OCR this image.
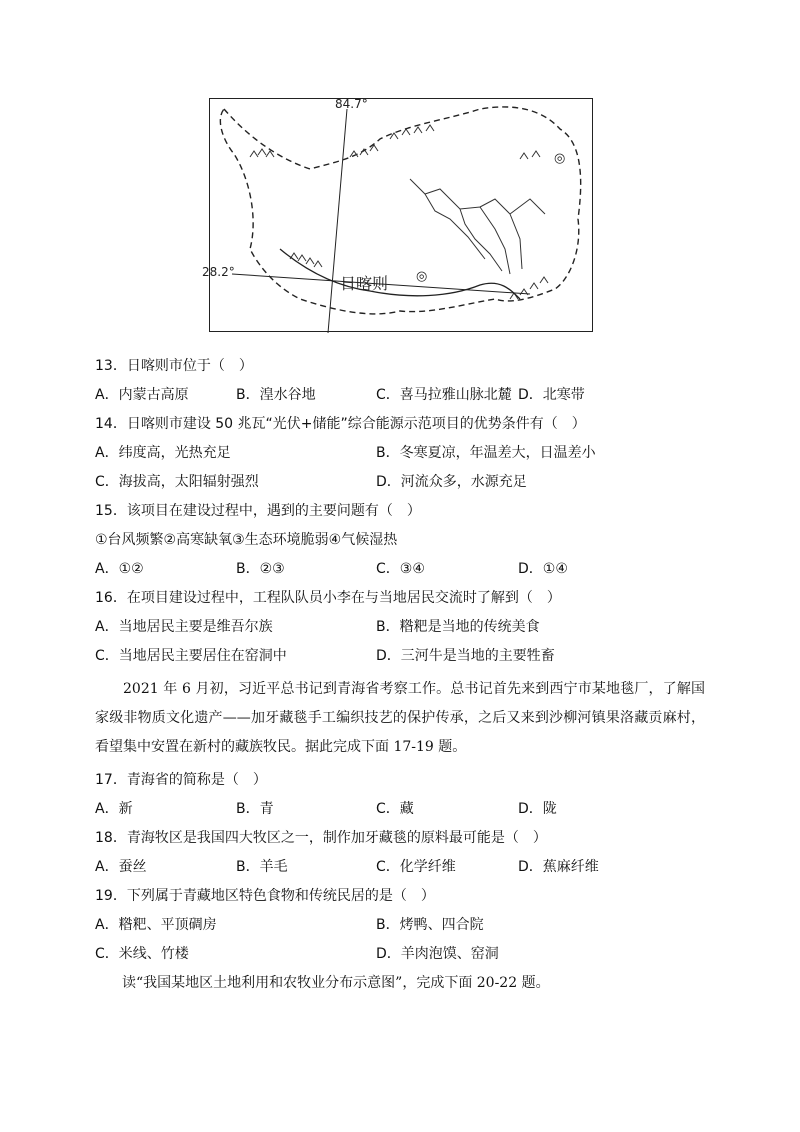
84.7°
28.2°
日喀则 ◎
◎
13．日喀则市位于（　）
A．内蒙古高原	B．湟水谷地	C．喜马拉雅山脉北麓 D．北寒带
14．日喀则市建设 50 兆瓦“光伏+储能”综合能源示范项目的优势条件有（　）
A．纬度高，光热充足	B．冬寒夏凉，年温差大，日温差小
C．海拔高，太阳辐射强烈	D．河流众多，水源充足
15．该项目在建设过程中，遇到的主要问题有（　）
①台风频繁②高寒缺氧③生态环境脆弱④气候湿热
A．①②	B．②③	C．③④	D．①④
16．在项目建设过程中，工程队队员小李在与当地居民交流时了解到（　）
A．当地居民主要是维吾尔族	B．糌粑是当地的传统美食
C．当地居民主要居住在窑洞中	D．三河牛是当地的主要牲畜
2021 年 6 月初，习近平总书记到青海省考察工作。总书记首先来到西宁市某地毯厂，了解国家级非物质文化遗产——加牙藏毯手工编织技艺的保护传承，之后又来到沙柳河镇果洛藏贡麻村，看望集中安置在新村的藏族牧民。据此完成下面 17-19 题。
17．青海省的简称是（　）
A．新	B．青	C．藏	D．陇
18．青海牧区是我国四大牧区之一，制作加牙藏毯的原料最可能是（　）
A．蚕丝	B．羊毛	C．化学纤维	D．蕉麻纤维
19．下列属于青藏地区特色食物和传统民居的是（　）
A．糌粑、平顶碉房	B．烤鸭、四合院
C．米线、竹楼	D．羊肉泡馍、窑洞
读“我国某地区土地利用和农牧业分布示意图”，完成下面 20-22 题。
